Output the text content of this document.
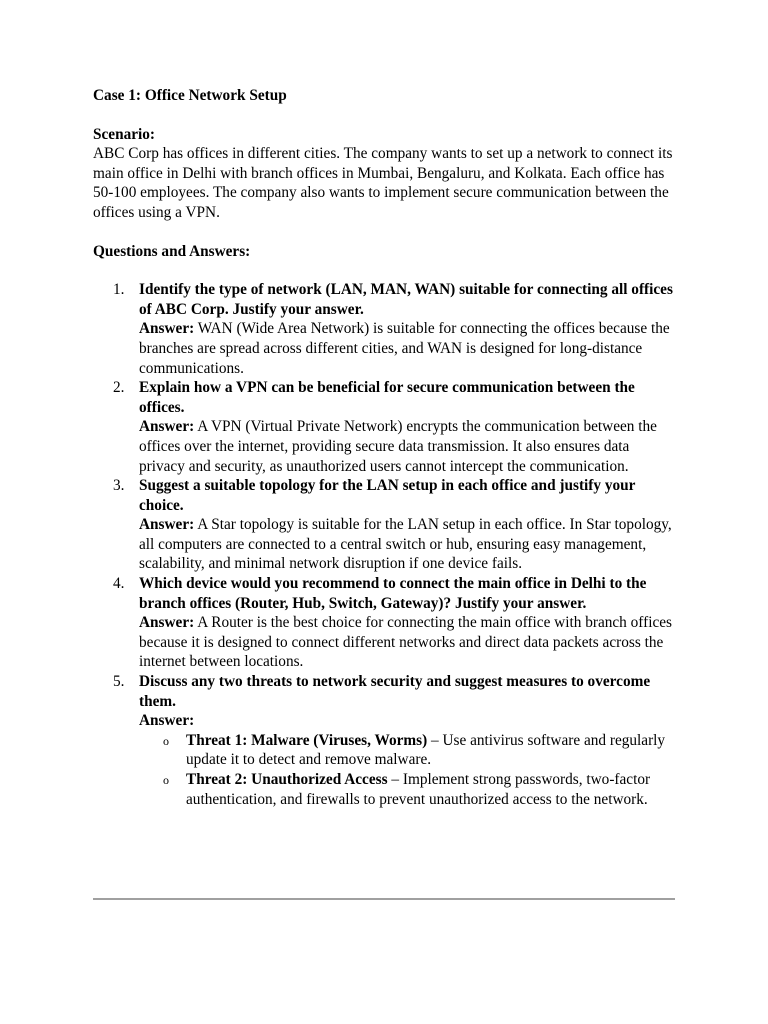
Case 1: Office Network Setup

Scenario:

ABC Corp has offices in different cities. The company wants to set up a network to connect its main office in Delhi with branch offices in Mumbai, Bengaluru, and Kolkata. Each office has 50-100 employees. The company also wants to implement secure communication between the offices using a VPN.

Questions and Answers:

1. Identify the type of network (LAN, MAN, WAN) suitable for connecting all offices of ABC Corp. Justify your answer.
Answer: WAN (Wide Area Network) is suitable for connecting the offices because the branches are spread across different cities, and WAN is designed for long-distance communications.
2. Explain how a VPN can be beneficial for secure communication between the offices.
Answer: A VPN (Virtual Private Network) encrypts the communication between the offices over the internet, providing secure data transmission. It also ensures data privacy and security, as unauthorized users cannot intercept the communication.
3. Suggest a suitable topology for the LAN setup in each office and justify your choice.
Answer: A Star topology is suitable for the LAN setup in each office. In Star topology, all computers are connected to a central switch or hub, ensuring easy management, scalability, and minimal network disruption if one device fails.
4. Which device would you recommend to connect the main office in Delhi to the branch offices (Router, Hub, Switch, Gateway)? Justify your answer.
Answer: A Router is the best choice for connecting the main office with branch offices because it is designed to connect different networks and direct data packets across the internet between locations.
5. Discuss any two threats to network security and suggest measures to overcome them.
Answer:
o Threat 1: Malware (Viruses, Worms) – Use antivirus software and regularly update it to detect and remove malware.
o Threat 2: Unauthorized Access – Implement strong passwords, two-factor authentication, and firewalls to prevent unauthorized access to the network.
